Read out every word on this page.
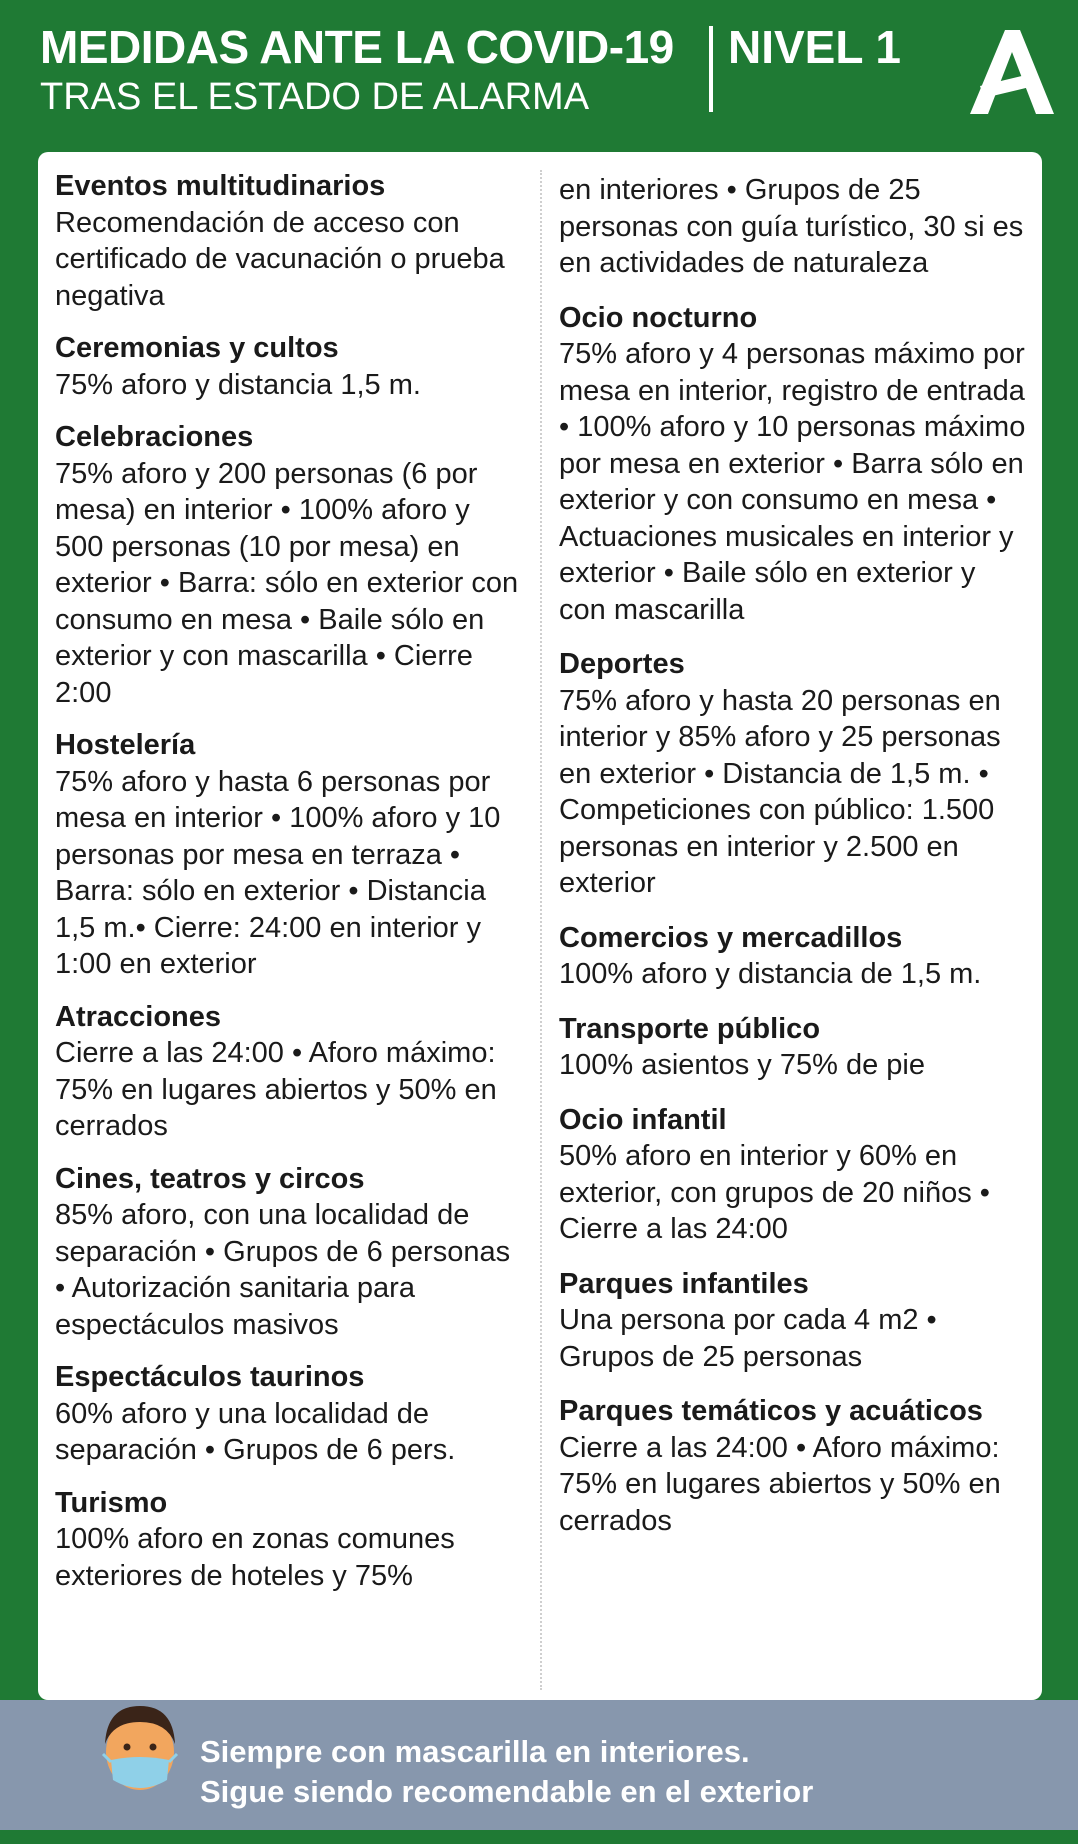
MEDIDAS ANTE LA COVID-19
TRAS EL ESTADO DE ALARMA
NIVEL 1
Eventos multitudinarios
Recomendación de acceso con certificado de vacunación o prueba negativa
Ceremonias y cultos
75% aforo y distancia 1,5 m.
Celebraciones
75% aforo y 200 personas (6 por mesa) en interior • 100% aforo y 500 personas (10 por mesa) en exterior • Barra: sólo en exterior con consumo en mesa • Baile sólo en exterior y con mascarilla • Cierre 2:00
Hostelería
75% aforo y hasta 6 personas por mesa en interior • 100% aforo y 10 personas por mesa en terraza • Barra: sólo en exterior • Distancia 1,5 m.• Cierre: 24:00 en interior y 1:00 en exterior
Atracciones
Cierre a las 24:00 • Aforo máximo: 75% en lugares abiertos y 50% en cerrados
Cines, teatros y circos
85% aforo, con una localidad de separación • Grupos de 6 personas • Autorización sanitaria para espectáculos masivos
Espectáculos taurinos
60% aforo y una localidad de separación • Grupos de 6 pers.
Turismo
100% aforo en zonas comunes exteriores de hoteles y 75%
en interiores • Grupos de 25 personas con guía turístico, 30 si es en actividades de naturaleza
Ocio nocturno
75% aforo y 4 personas máximo por mesa en interior, registro de entrada • 100% aforo y 10 personas máximo por mesa en exterior • Barra sólo en exterior y con consumo en mesa • Actuaciones musicales en interior y exterior • Baile sólo en exterior y con mascarilla
Deportes
75% aforo y hasta 20 personas en interior y 85% aforo y 25 personas en exterior • Distancia de 1,5 m. • Competiciones con público: 1.500 personas en interior y 2.500 en exterior
Comercios y mercadillos
100% aforo y distancia de 1,5 m.
Transporte público
100% asientos y 75% de pie
Ocio infantil
50% aforo en interior y 60% en exterior, con grupos de 20 niños • Cierre a las 24:00
Parques infantiles
Una persona por cada 4 m2 • Grupos de 25 personas
Parques temáticos y acuáticos
Cierre a las 24:00 • Aforo máximo: 75% en lugares abiertos y 50% en cerrados
Siempre con mascarilla en interiores.
Sigue siendo recomendable en el exterior
